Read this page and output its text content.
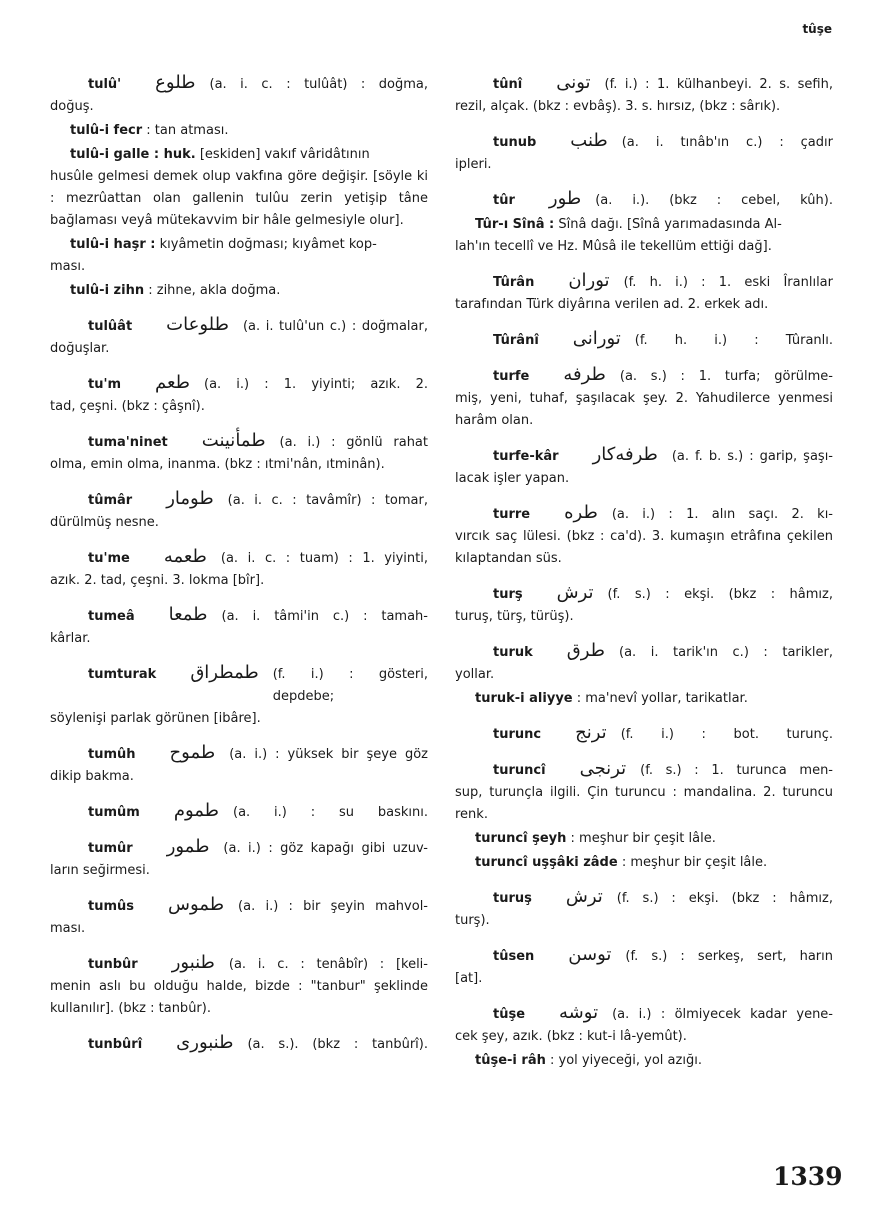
tûşe
tulû' طلوع (a. i. c. : tulûât) : doğma,
doğuş.
tulû-i fecr
: tan atması.
tulû-i galle : huk.
[eskiden] vakıf vâridâtının
husûle gelmesi demek olup vakfına göre değişir. [söyle ki : mezrûattan olan gallenin tulûu zerin yetişip tâne bağlaması veyâ mütekavvim bir hâle gelmesiyle olur].
tulû-i haşr :
kıyâmetin doğması; kıyâmet kop-
ması.
tulû-i zihn
: zihne, akla doğma.
tulûât طلوعات (a. i. tulû'un c.) : doğmalar,
doğuşlar.
tu'm طعم (a. i.) : 1. yiyinti; azık. 2.
tad, çeşni. (bkz : çâşnî).
tuma'ninet طمأنينت (a. i.) : gönlü rahat
olma, emin olma, inanma. (bkz : ıtmi'nân, ıtminân).
tûmâr طومار (a. i. c. : tavâmîr) : tomar,
dürülmüş nesne.
tu'me طعمه (a. i. c. : tuam) : 1. yiyinti,
azık. 2. tad, çeşni. 3. lokma [bîr].
tumeâ طمعا (a. i. tâmi'in c.) : tamah-
kârlar.
tumturak طمطراق (f. i.) : gösteri, depdebe;
söylenişi parlak görünen [ibâre].
tumûh طموح (a. i.) : yüksek bir şeye göz
dikip bakma.
tumûm طموم (a. i.) : su baskını.
tumûr طمور (a. i.) : göz kapağı gibi uzuv-
ların seğirmesi.
tumûs طموس (a. i.) : bir şeyin mahvol-
ması.
tunbûr طنبور (a. i. c. : tenâbîr) : [keli-
menin aslı bu olduğu halde, bizde : "tanbur" şeklinde kullanılır]. (bkz : tanbûr).
tunbûrî طنبوری (a. s.). (bkz : tanbûrî).
tûnî تونی (f. i.) : 1. külhanbeyi. 2. s. sefih,
rezil, alçak. (bkz : evbâş). 3. s. hırsız, (bkz : sârık).
tunub طنب (a. i. tınâb'ın c.) : çadır
ipleri.
tûr طور (a. i.). (bkz : cebel, kûh).
Tûr-ı Sînâ :
Sînâ dağı. [Sînâ yarımadasında Al-
lah'ın tecellî ve Hz. Mûsâ ile tekellüm ettiği dağ].
Tûrân توران (f. h. i.) : 1. eski Îranlılar
tarafından Türk diyârına verilen ad. 2. erkek adı.
Tûrânî تورانی (f. h. i.) : Tûranlı.
turfe طرفه (a. s.) : 1. turfa; görülme-
miş, yeni, tuhaf, şaşılacak şey. 2. Yahudilerce yenmesi harâm olan.
turfe-kâr طرفه‌کار (a. f. b. s.) : garip, şaşı-
lacak işler yapan.
turre طره (a. i.) : 1. alın saçı. 2. kı-
vırcık saç lülesi. (bkz : ca'd). 3. kumaşın etrâfına çekilen kılaptandan süs.
turş ترش (f. s.) : ekşi. (bkz : hâmız,
turuş, türş, türüş).
turuk طرق (a. i. tarik'ın c.) : tarikler,
yollar.
turuk-i aliyye
: ma'nevî yollar, tarikatlar.
turunc ترنج (f. i.) : bot. turunç.
turuncî ترنجی (f. s.) : 1. turunca men-
sup, turunçla ilgili. Çin turuncu : mandalina. 2. turuncu renk.
turuncî şeyh
: meşhur bir çeşit lâle.
turuncî uşşâki zâde
: meşhur bir çeşit lâle.
turuş ترش (f. s.) : ekşi. (bkz : hâmız,
turş).
tûsen توسن (f. s.) : serkeş, sert, harın
[at].
tûşe توشه (a. i.) : ölmiyecek kadar yene-
cek şey, azık. (bkz : kut-i lâ-yemût).
tûşe-i râh
: yol yiyeceği, yol azığı.
1339
